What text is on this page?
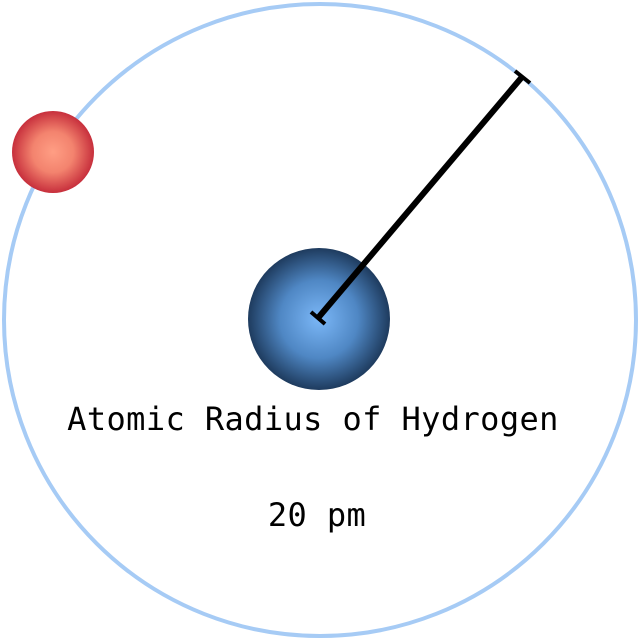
Atomic Radius of Hydrogen
20 pm
